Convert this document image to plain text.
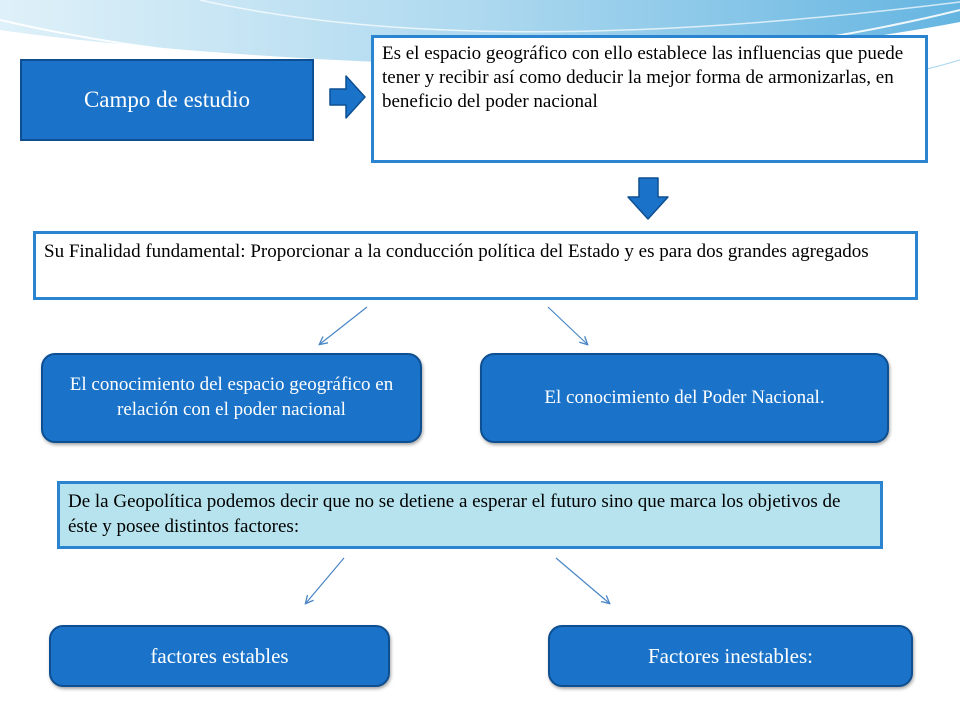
Campo de estudio
Es el espacio geográfico con ello establece las influencias que puede tener y recibir así como deducir la mejor forma de armonizarlas, en beneficio del poder nacional
Su Finalidad fundamental: Proporcionar a la conducción política del Estado y es para dos grandes agregados
El conocimiento del espacio geográfico en relación con el poder nacional
El conocimiento del Poder Nacional.
De la Geopolítica podemos decir que no se detiene a esperar el futuro sino que marca los objetivos de éste y posee distintos factores:
factores estables	Factores inestables:
